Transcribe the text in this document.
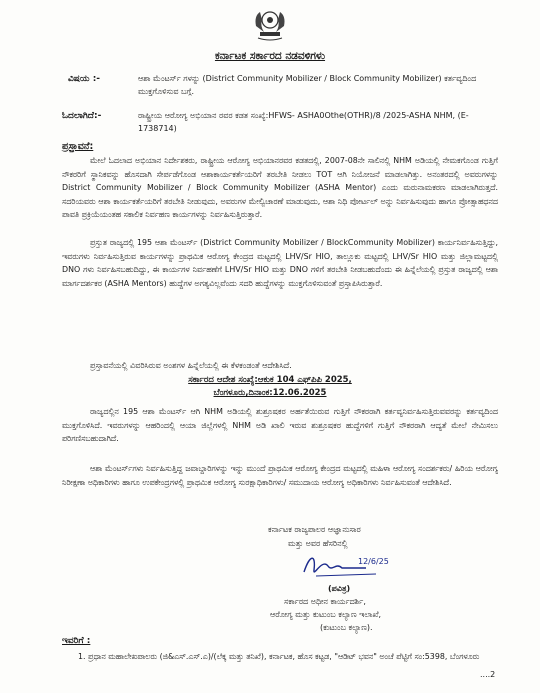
ಕರ್ನಾಟಕ ಸರ್ಕಾರದ ನಡವಳಿಗಳು
ವಿಷಯ :-	ಆಶಾ ಮೆಂಟರ್ಸ್ ಗಳನ್ನು (District Community Mobilizer / Block Community Mobilizer) ಕರ್ತವ್ಯದಿಂದ ಮುಕ್ತಗೊಳಿಸುವ ಬಗ್ಗೆ.
ಓದಲಾಗಿದೆ:-	ರಾಷ್ಟ್ರೀಯ ಆರೋಗ್ಯ ಅಭಿಯಾನ ರವರ ಕಡತ ಸಂಖ್ಯೆ:HFWS- ASHA0Othe(OTHR)/8 /2025-ASHA NHM, (E-1738714)
ಪ್ರಸ್ತಾವನೆ:
ಮೇಲೆ ಓದಲಾದ ಅಭಿಯಾನ ನಿರ್ದೇಶಕರು, ರಾಷ್ಟ್ರೀಯ ಆರೋಗ್ಯ ಅಭಿಯಾನರವರ ಕಡತದಲ್ಲಿ, 2007-08ನೇ ಸಾಲಿನಲ್ಲಿ NHM ಅಡಿಯಲ್ಲಿ ನೇಮಕಗೊಂಡ ಗುತ್ತಿಗೆ ನೌಕರರಿಗೆ ಸ್ಥಾನಿಕವನ್ನು ಹೊಸದಾಗಿ ಸೇರ್ಪಡೆಗೊಂಡ ಆಶಾಕಾರ್ಯಕರ್ತೆಯರಿಗೆ ತರಬೇತಿ ನೀಡಲು TOT ಆಗಿ ನಿಯೋಜನೆ ಮಾಡಲಾಗಿತ್ತು. ಅನಂತರದಲ್ಲಿ ಅವರುಗಳನ್ನು District Community Mobilizer / Block Community Mobilizer (ASHA Mentor) ಎಂದು ಮರುನಾಮಕರಣ ಮಾಡಲಾಗಿರುತ್ತದೆ. ಸದರಿಯವರು ಆಶಾ ಕಾರ್ಯಕರ್ತೆಯರಿಗೆ ತರಬೇತಿ ನೀಡುವುದು, ಅವರುಗಳ ಮೇಲ್ವಿಚಾರಣೆ ಮಾಡುವುದು, ಆಶಾ ನಿಧಿ ಪೋರ್ಟಲ್ ಅನ್ನು ನಿರ್ವಹಿಸುವುದು ಹಾಗೂ ಪ್ರೋತ್ಸಾಹಧನದ ಪಾವತಿ ಪ್ರಕ್ರಿಯೆಯಂತಹ ಸಕಾಲಿಕ ನಿರ್ವಹಣ ಕಾರ್ಯಗಳನ್ನು ನಿರ್ವಹಿಸುತ್ತಿರುತ್ತಾರೆ.
ಪ್ರಸ್ತುತ ರಾಜ್ಯದಲ್ಲಿ 195 ಆಶಾ ಮೆಂಟರ್ಸ್ (District Community Mobilizer / BlockCommunity Mobilizer) ಕಾರ್ಯನಿರ್ವಹಿಸುತ್ತಿದ್ದು, ಇವರುಗಳು ನಿರ್ವಹಿಸುತ್ತಿರುವ ಕಾರ್ಯಗಳನ್ನು ಪ್ರಾಥಮಿಕ ಆರೋಗ್ಯ ಕೇಂದ್ರದ ಮಟ್ಟದಲ್ಲಿ LHV/Sr HIO, ತಾಲ್ಲೂಕು ಮಟ್ಟದಲ್ಲಿ LHV/Sr HIO ಮತ್ತು ಜಿಲ್ಲಾಮಟ್ಟದಲ್ಲಿ DNO ಗಳು ನಿರ್ವಹಿಸಬಹುದಿದ್ದು, ಈ ಕಾರ್ಯಗಳ ನಿರ್ವಹಣೆಗೆ LHV/Sr HIO ಮತ್ತು DNO ಗಳಿಗೆ ತರಬೇತಿ ನೀಡಬಹುದೆಂದು ಈ ಹಿನ್ನೆಲೆಯಲ್ಲಿ ಪ್ರಸ್ತುತ ರಾಜ್ಯದಲ್ಲಿ ಆಶಾ ಮಾರ್ಗದರ್ಶಕರ (ASHA Mentors) ಹುದ್ದೆಗಳ ಅಗತ್ಯವಿಲ್ಲವೆಂದು ಸದರಿ ಹುದ್ದೆಗಳನ್ನು ಮುಕ್ತಗೊಳಿಸುವಂತೆ ಪ್ರಸ್ತಾಪಿಸಿರುತ್ತಾರೆ.
ಪ್ರಸ್ತಾವನೆಯಲ್ಲಿ ವಿವರಿಸಿರುವ ಅಂಶಗಳ ಹಿನ್ನೆಲೆಯಲ್ಲಿ ಈ ಕೆಳಕಂಡಂತೆ ಆದೇಶಿಸಿದೆ.
ಸರ್ಕಾರದ ಆದೇಶ ಸಂಖ್ಯೆ:ಆಕುಕ 104 ಎಫ್‌ಪಿಪಿ 2025,
ಬೆಂಗಳೂರು,ದಿನಾಂಕ:12.06.2025
ರಾಜ್ಯದಲ್ಲಿನ 195 ಆಶಾ ಮೆಂಟರ್ಸ್ ಆಗಿ NHM ಅಡಿಯಲ್ಲಿ ಶುಶ್ರೂಷಕರ ಅರ್ಹತೆಯಿರುವ ಗುತ್ತಿಗೆ ನೌಕರರಾಗಿ ಕರ್ತವ್ಯನಿರ್ವಹಿಸುತ್ತಿರುವವರನ್ನು ಕರ್ತವ್ಯದಿಂದ ಮುಕ್ತಗೊಳಿಸಿದೆ. ಇವರುಗಳನ್ನು ಆಹರಿಂದಲ್ಲಿ ಆಯಾ ಜಿಲ್ಲೆಗಳಲ್ಲಿ NHM ಅಡಿ ಖಾಲಿ ಇರುವ ಶುಶ್ರೂಷಕರ ಹುದ್ದೆಗಳಿಗೆ ಗುತ್ತಿಗೆ ನೌಕರರಾಗಿ ಆದ್ಯತೆ ಮೇಲೆ ನೇಮಿಸಲು ಪರಿಗಣಿಸಬಹುದಾಗಿದೆ.
ಆಶಾ ಮೆಂಟರ್ಸ್‌ಗಳು ನಿರ್ವಹಿಸುತ್ತಿದ್ದ ಜವಾಬ್ದಾರಿಗಳನ್ನು ಇನ್ನು ಮುಂದೆ ಪ್ರಾಥಮಿಕ ಆರೋಗ್ಯ ಕೇಂದ್ರದ ಮಟ್ಟದಲ್ಲಿ ಮಹಿಳಾ ಆರೋಗ್ಯ ಸಂದರ್ಶಕರು/ ಹಿರಿಯ ಆರೋಗ್ಯ ನಿರೀಕ್ಷಣಾ ಅಧಿಕಾರಿಗಳು ಹಾಗೂ ಉಪಕೇಂದ್ರಗಳಲ್ಲಿ ಪ್ರಾಥಮಿಕ ಆರೋಗ್ಯ ಸುರಕ್ಷಾಧಿಕಾರಿಗಳು/ ಸಮುದಾಯ ಆರೋಗ್ಯ ಅಧಿಕಾರಿಗಳು ನಿರ್ವಹಿಸುವಂತೆ ಆದೇಶಿಸಿದೆ.
ಕರ್ನಾಟಕ ರಾಜ್ಯಪಾಲರ ಆಜ್ಞಾನುಸಾರ
ಮತ್ತು ಅವರ ಹೆಸರಿನಲ್ಲಿ
12/6/25
(ಪವಿತ್ರ)
ಸರ್ಕಾರದ ಅಧೀನ ಕಾರ್ಯದರ್ಶಿ,
ಆರೋಗ್ಯ ಮತ್ತು ಕುಟುಂಬ ಕಲ್ಯಾಣ ಇಲಾಖೆ,
(ಕುಟುಂಬ ಕಲ್ಯಾಣ).
ಇವರಿಗೆ :
1. ಪ್ರಧಾನ ಮಹಾಲೇಖಪಾಲರು (ಜಿ&ಎಸ್.ಎಸ್.ಎ)/(ಲೆಕ್ಕ ಮತ್ತು ತನಿಖೆ), ಕರ್ನಾಟಕ, ಹೊಸ ಕಟ್ಟಡ, "ಆಡಿಟ್ ಭವನ" ಅಂಚೆ ಪೆಟ್ಟಿಗೆ ಸಂ:5398, ಬೆಂಗಳೂರು
....2
